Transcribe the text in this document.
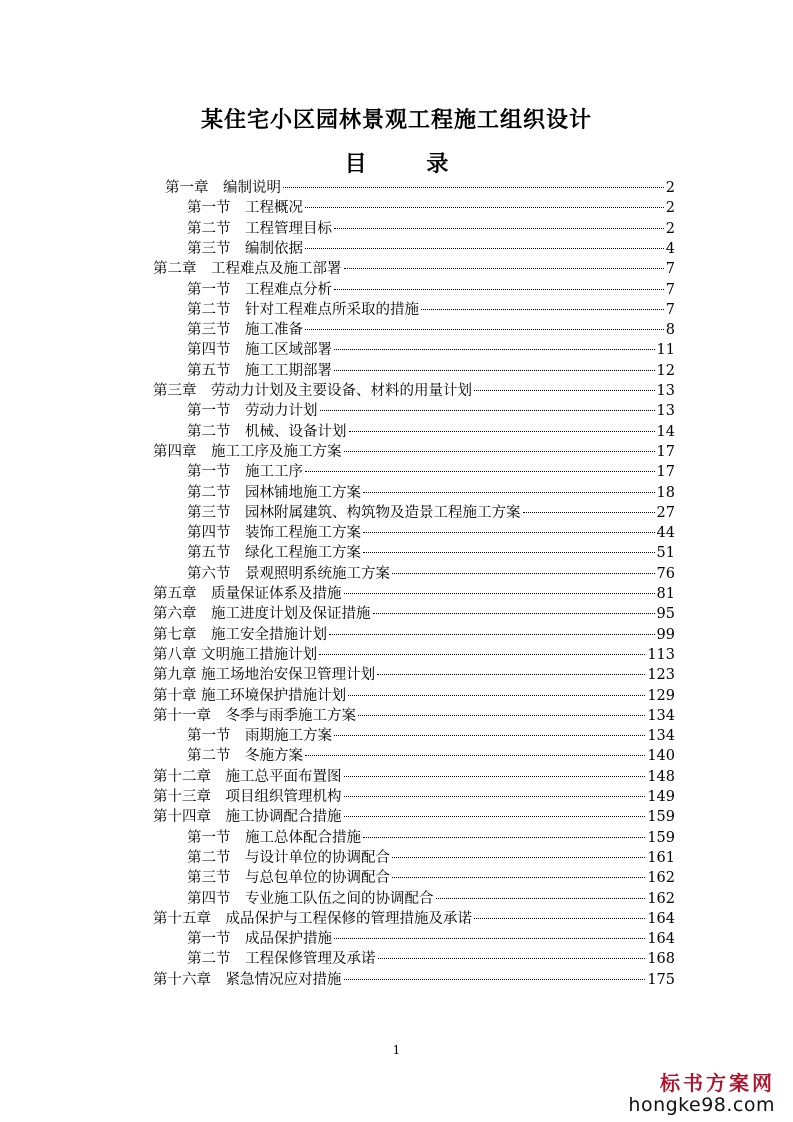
某住宅小区园林景观工程施工组织设计
目 录
第一章　编制说明	2
第一节　工程概况	2
第二节　工程管理目标	2
第三节　编制依据	4
第二章　工程难点及施工部署	7
第一节　工程难点分析	7
第二节　针对工程难点所采取的措施	7
第三节　施工准备	8
第四节　施工区域部署	11
第五节　施工工期部署	12
第三章　劳动力计划及主要设备、材料的用量计划	13
第一节　劳动力计划	13
第二节　机械、设备计划	14
第四章　施工工序及施工方案	17
第一节　施工工序	17
第二节　园林铺地施工方案	18
第三节　园林附属建筑、构筑物及造景工程施工方案	27
第四节　装饰工程施工方案	44
第五节　绿化工程施工方案	51
第六节　景观照明系统施工方案	76
第五章　质量保证体系及措施	81
第六章　施工进度计划及保证措施	95
第七章　施工安全措施计划	99
第八章 文明施工措施计划	113
第九章 施工场地治安保卫管理计划	123
第十章 施工环境保护措施计划	129
第十一章　冬季与雨季施工方案	134
第一节　雨期施工方案	134
第二节　冬施方案	140
第十二章　施工总平面布置图	148
第十三章　项目组织管理机构	149
第十四章　施工协调配合措施	159
第一节　施工总体配合措施	159
第二节　与设计单位的协调配合	161
第三节　与总包单位的协调配合	162
第四节　专业施工队伍之间的协调配合	162
第十五章　成品保护与工程保修的管理措施及承诺	164
第一节　成品保护措施	164
第二节　工程保修管理及承诺	168
第十六章　紧急情况应对措施	175
1
标书方案网
hongke98.com
